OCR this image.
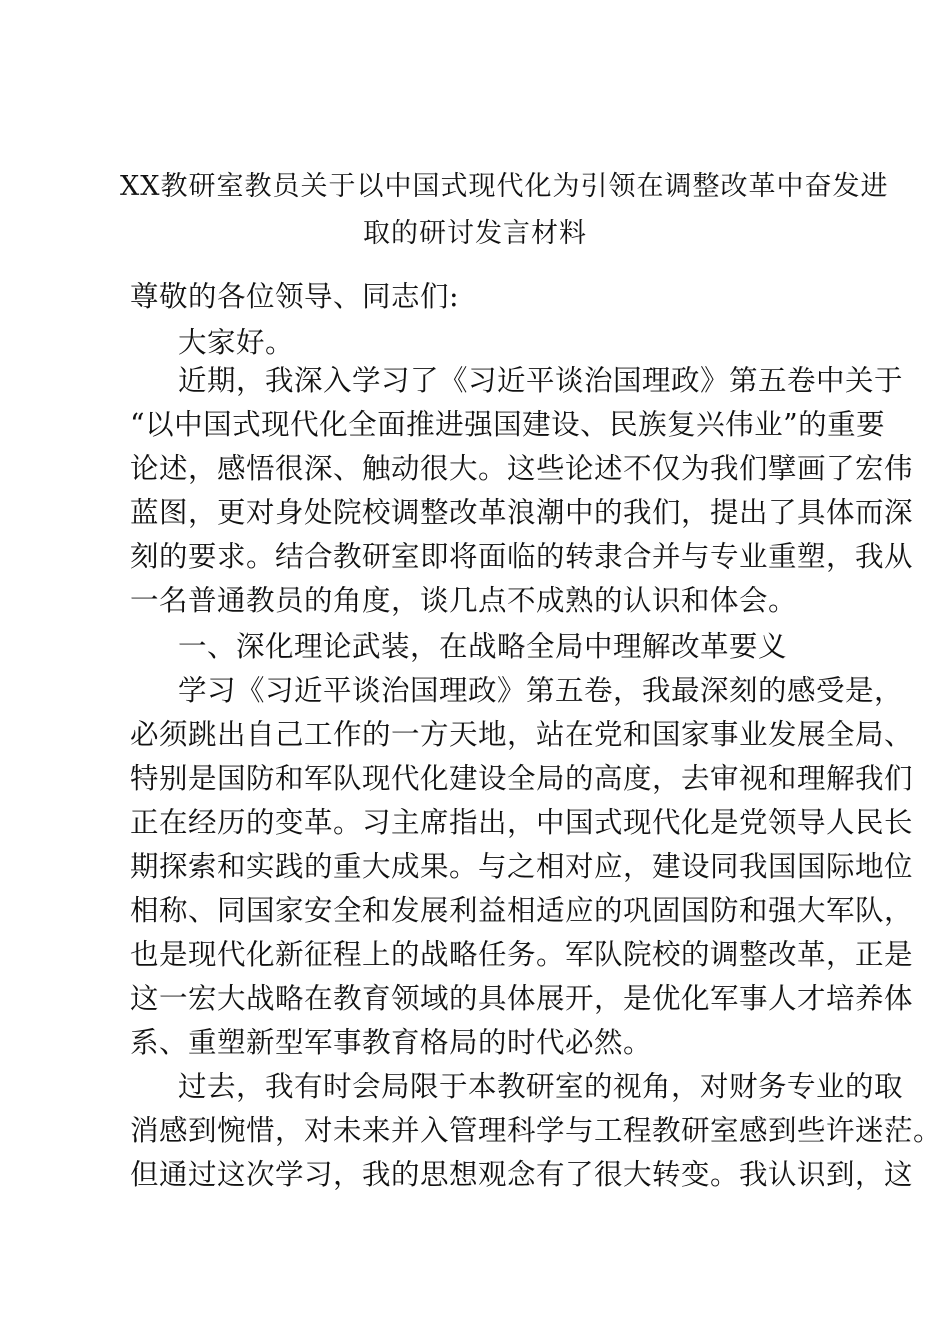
XX教研室教员关于以中国式现代化为引领在调整改革中奋发进
取的研讨发言材料
尊敬的各位领导、同志们:
大家好。
近期，我深入学习了《习近平谈治国理政》第五卷中关于
“以中国式现代化全面推进强国建设、民族复兴伟业”的重要
论述，感悟很深、触动很大。这些论述不仅为我们擘画了宏伟
蓝图，更对身处院校调整改革浪潮中的我们，提出了具体而深
刻的要求。结合教研室即将面临的转隶合并与专业重塑，我从
一名普通教员的角度，谈几点不成熟的认识和体会。
一、深化理论武装，在战略全局中理解改革要义
学习《习近平谈治国理政》第五卷，我最深刻的感受是，
必须跳出自己工作的一方天地，站在党和国家事业发展全局、
特别是国防和军队现代化建设全局的高度，去审视和理解我们
正在经历的变革。习主席指出，中国式现代化是党领导人民长
期探索和实践的重大成果。与之相对应，建设同我国国际地位
相称、同国家安全和发展利益相适应的巩固国防和强大军队，
也是现代化新征程上的战略任务。军队院校的调整改革，正是
这一宏大战略在教育领域的具体展开，是优化军事人才培养体
系、重塑新型军事教育格局的时代必然。
过去，我有时会局限于本教研室的视角，对财务专业的取
消感到惋惜，对未来并入管理科学与工程教研室感到些许迷茫。
但通过这次学习，我的思想观念有了很大转变。我认识到，这
